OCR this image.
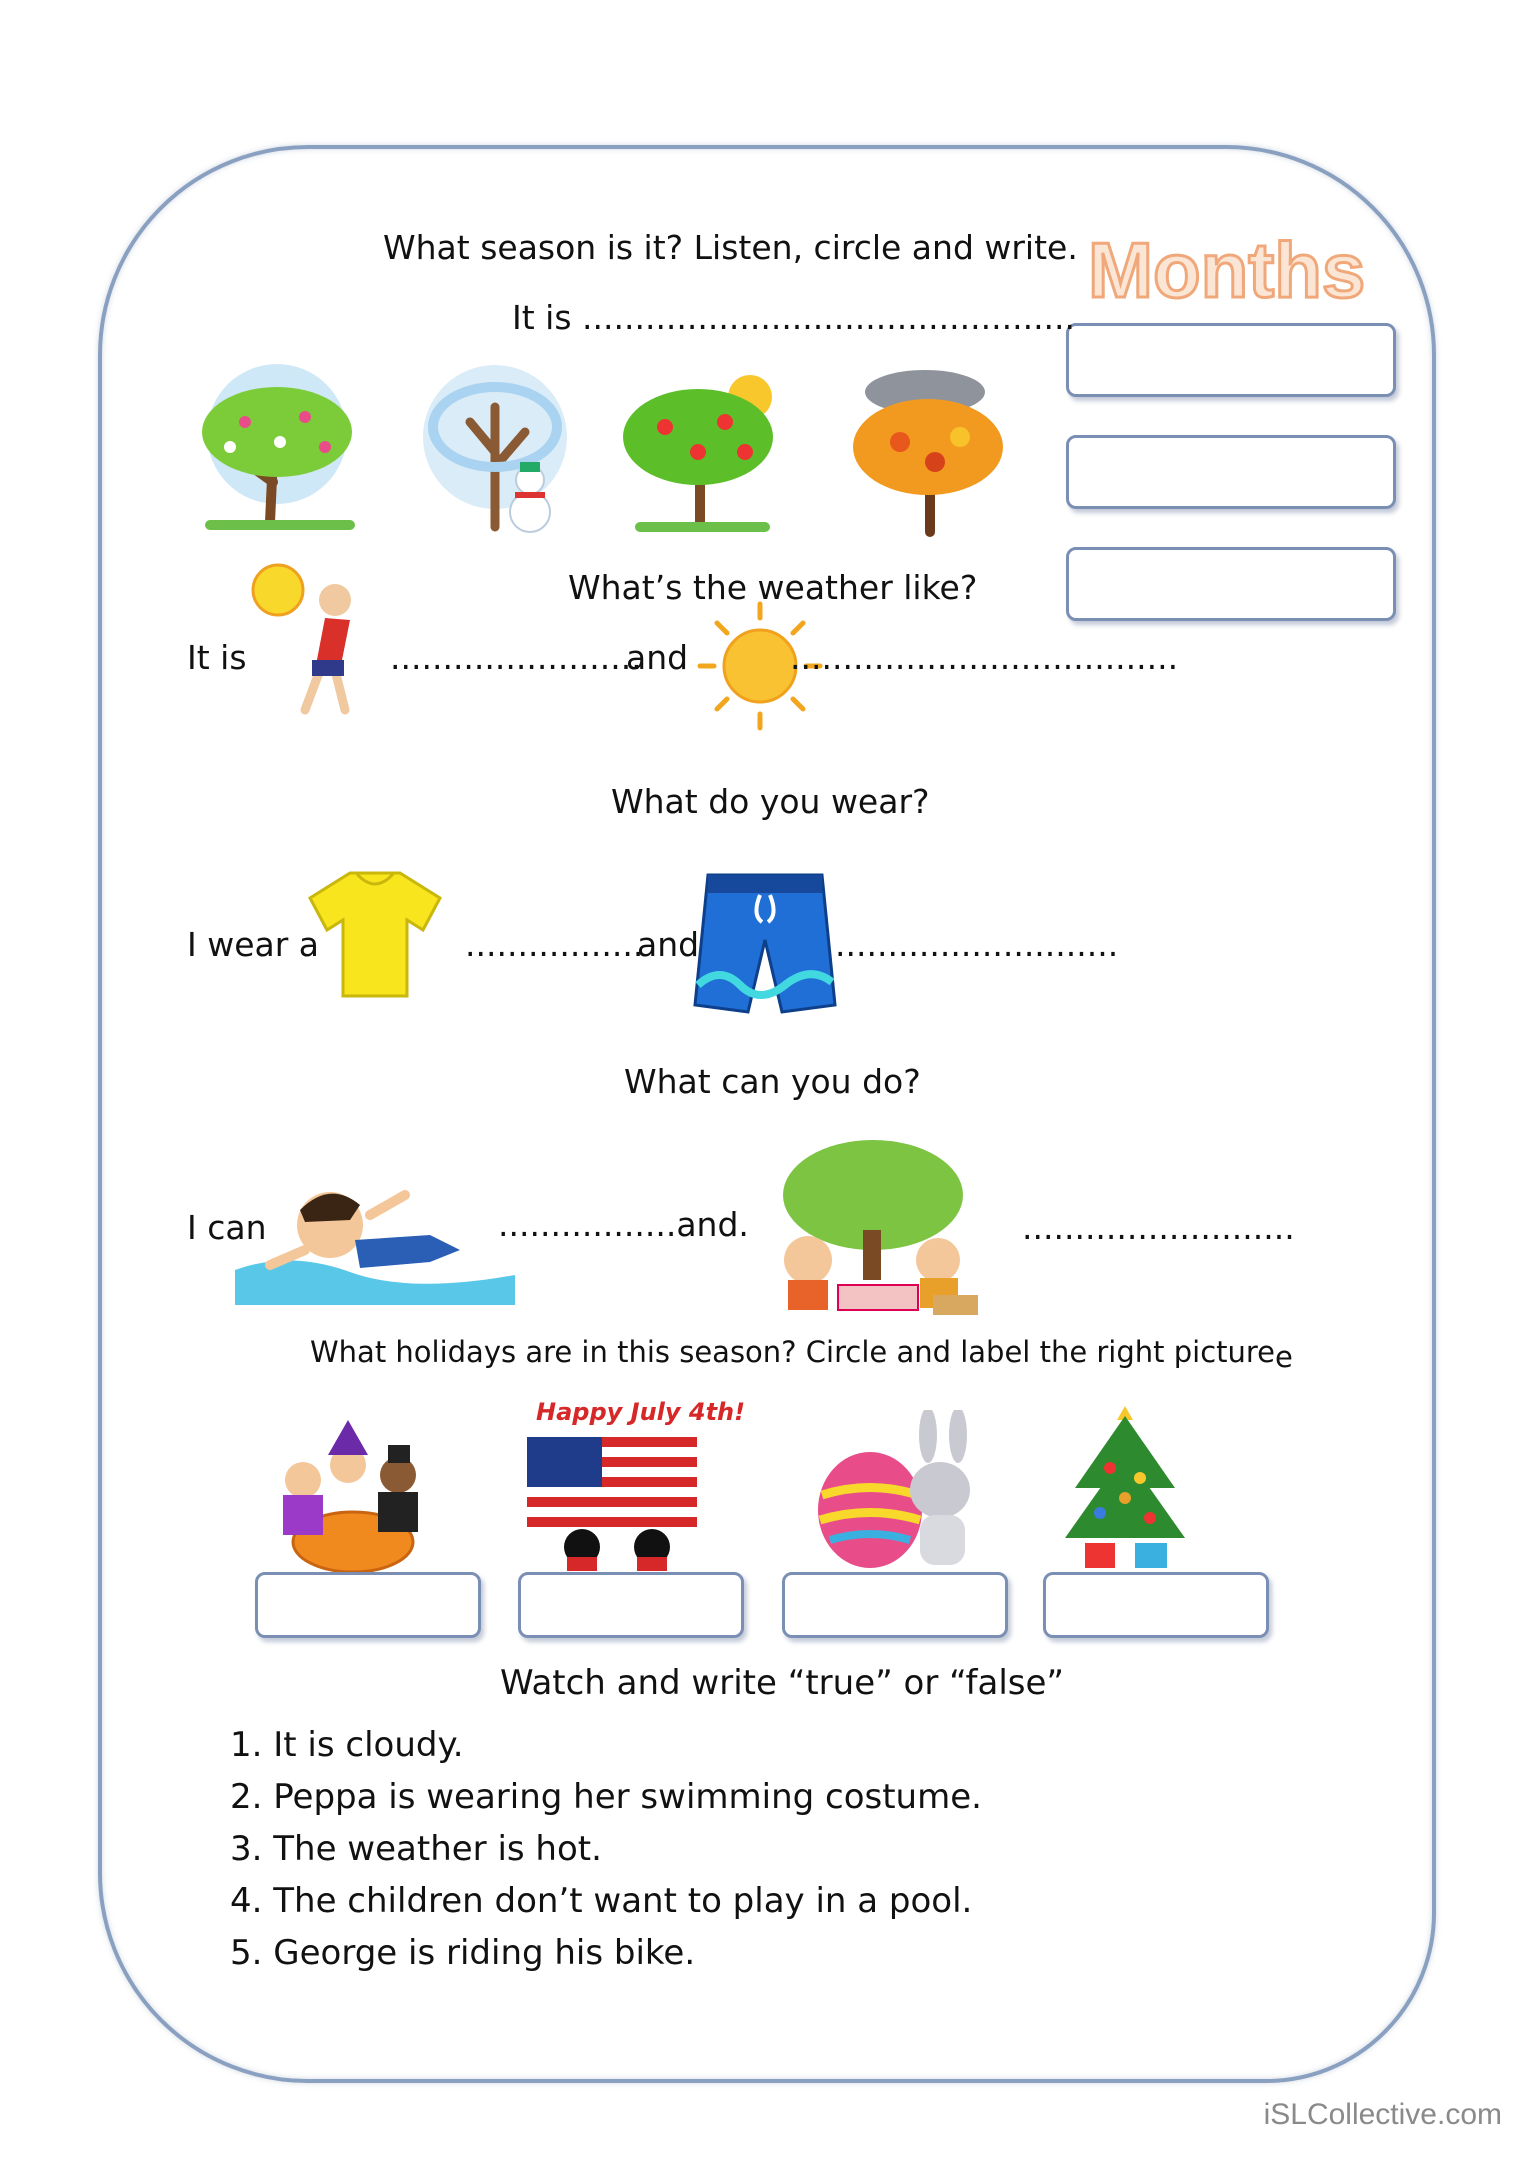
Months
What season is it? Listen, circle and write.
It is ...............................................
What’s the weather like?
It is	........................
and	.....................................
What do you wear?
I wear a	.................
and	...........................
What can you do?
I can	.................and.	..........................
What holidays are in this season? Circle and label the right picture e
Happy July 4th!
Watch and write “true” or “false”
1. It is cloudy.
2. Peppa is wearing her swimming costume.
3. The weather is hot.
4. The children don’t want to play in a pool.
5. George is riding his bike.
iSLCollective.com
